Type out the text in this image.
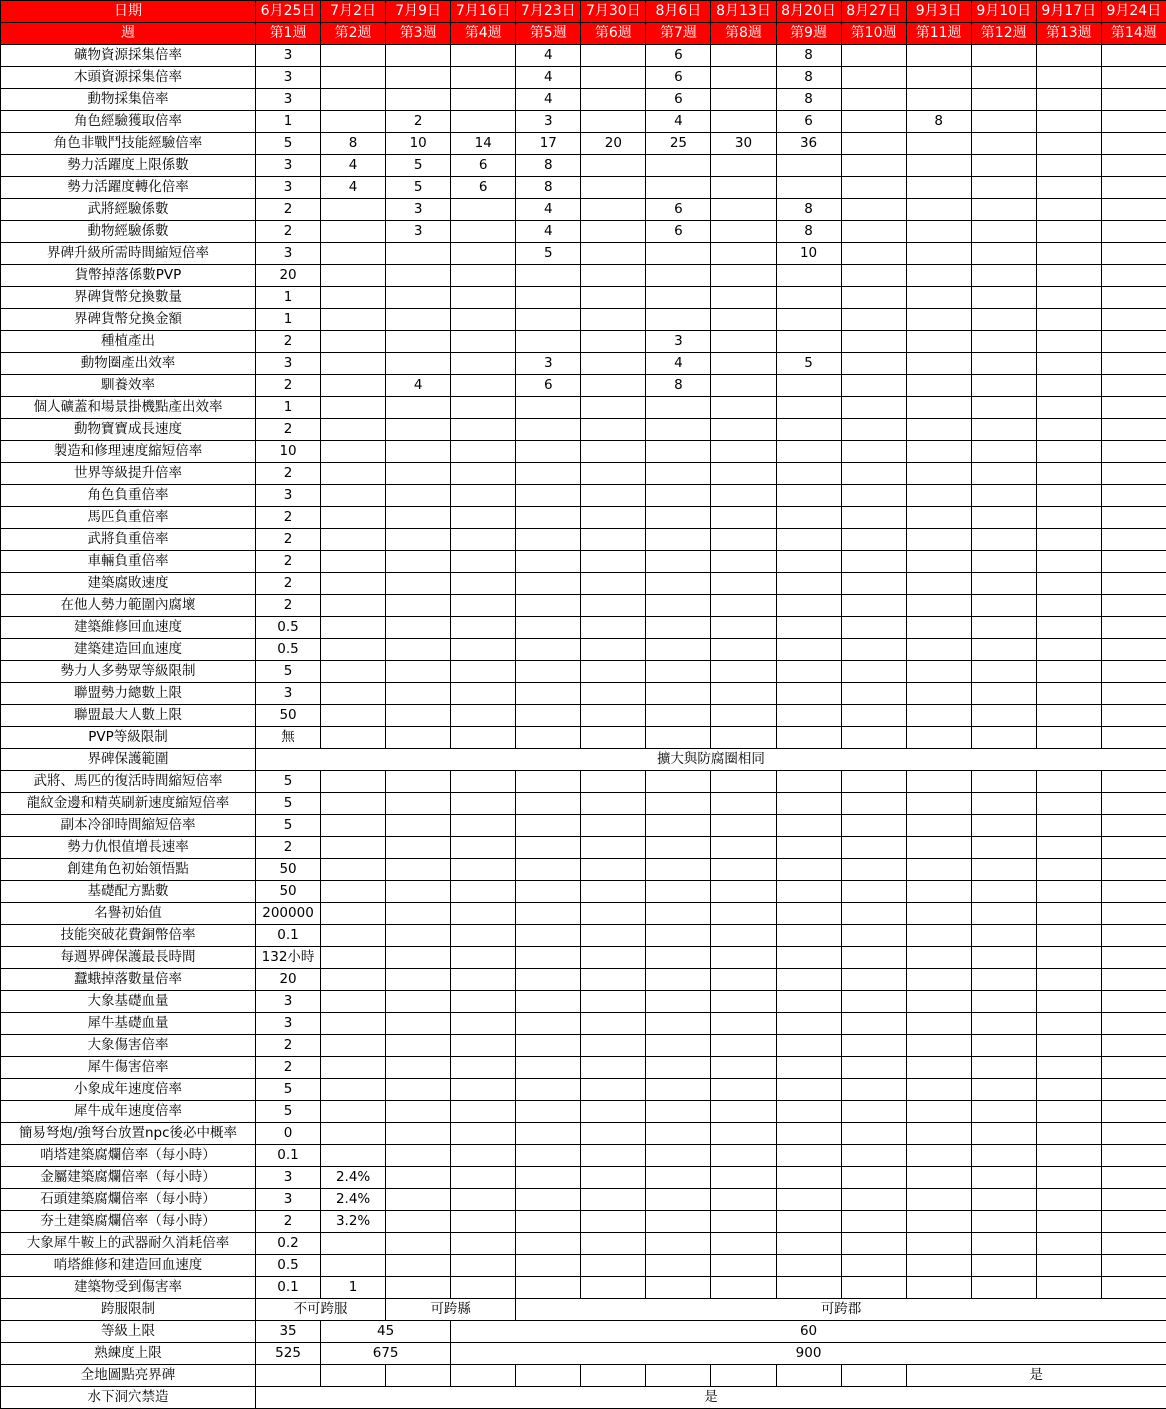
日期	6月25日	7月2日	7月9日	7月16日	7月23日	7月30日	8月6日	8月13日	8月20日	8月27日	9月3日	9月10日	9月17日	9月24日
週	第1週	第2週	第3週	第4週	第5週	第6週	第7週	第8週	第9週	第10週	第11週	第12週	第13週	第14週
礦物資源採集倍率	3				4		6		8					
木頭資源採集倍率	3				4		6		8					
動物採集倍率	3				4		6		8					
角色經驗獲取倍率	1		2		3		4		6		8			
角色非戰鬥技能經驗倍率	5	8	10	14	17	20	25	30	36					
勢力活躍度上限係數	3	4	5	6	8									
勢力活躍度轉化倍率	3	4	5	6	8									
武將經驗係數	2		3		4		6		8					
動物經驗係數	2		3		4		6		8					
界碑升級所需時間縮短倍率	3				5				10					
貨幣掉落係數PVP	20													
界碑貨幣兌換數量	1													
界碑貨幣兌換金額	1													
種植產出	2						3							
動物圈產出效率	3				3		4		5					
馴養效率	2		4		6		8							
個人礦蓋和場景掛機點產出效率	1													
動物寶寶成長速度	2													
製造和修理速度縮短倍率	10													
世界等級提升倍率	2													
角色負重倍率	3													
馬匹負重倍率	2													
武將負重倍率	2													
車輛負重倍率	2													
建築腐敗速度	2													
在他人勢力範圍內腐壞	2													
建築維修回血速度	0.5													
建築建造回血速度	0.5													
勢力人多勢眾等級限制	5													
聯盟勢力總數上限	3													
聯盟最大人數上限	50													
PVP等級限制	無													
界碑保護範圍	擴大與防腐圈相同													
武將、馬匹的復活時間縮短倍率	5													
龍紋金邊和精英刷新速度縮短倍率	5													
副本冷卻時間縮短倍率	5													
勢力仇恨值增長速率	2													
創建角色初始領悟點	50													
基礎配方點數	50													
名譽初始值	200000													
技能突破花費銅幣倍率	0.1													
每週界碑保護最長時間	132小時													
蠶蛾掉落數量倍率	20													
大象基礎血量	3													
犀牛基礎血量	3													
大象傷害倍率	2													
犀牛傷害倍率	2													
小象成年速度倍率	5													
犀牛成年速度倍率	5													
簡易弩炮/強弩台放置npc後必中概率	0													
哨塔建築腐爛倍率（每小時）	0.1													
金屬建築腐爛倍率（每小時）	3	2.4%												
石頭建築腐爛倍率（每小時）	3	2.4%												
夯土建築腐爛倍率（每小時）	2	3.2%												
大象犀牛鞍上的武器耐久消耗倍率	0.2													
哨塔維修和建造回血速度	0.5													
建築物受到傷害率	0.1	1												
跨服限制	不可跨服		可跨縣		可跨郡									
等級上限	35	45		60										
熟練度上限	525	675		900										
全地圖點亮界碑											是			
水下洞穴禁造	是													
